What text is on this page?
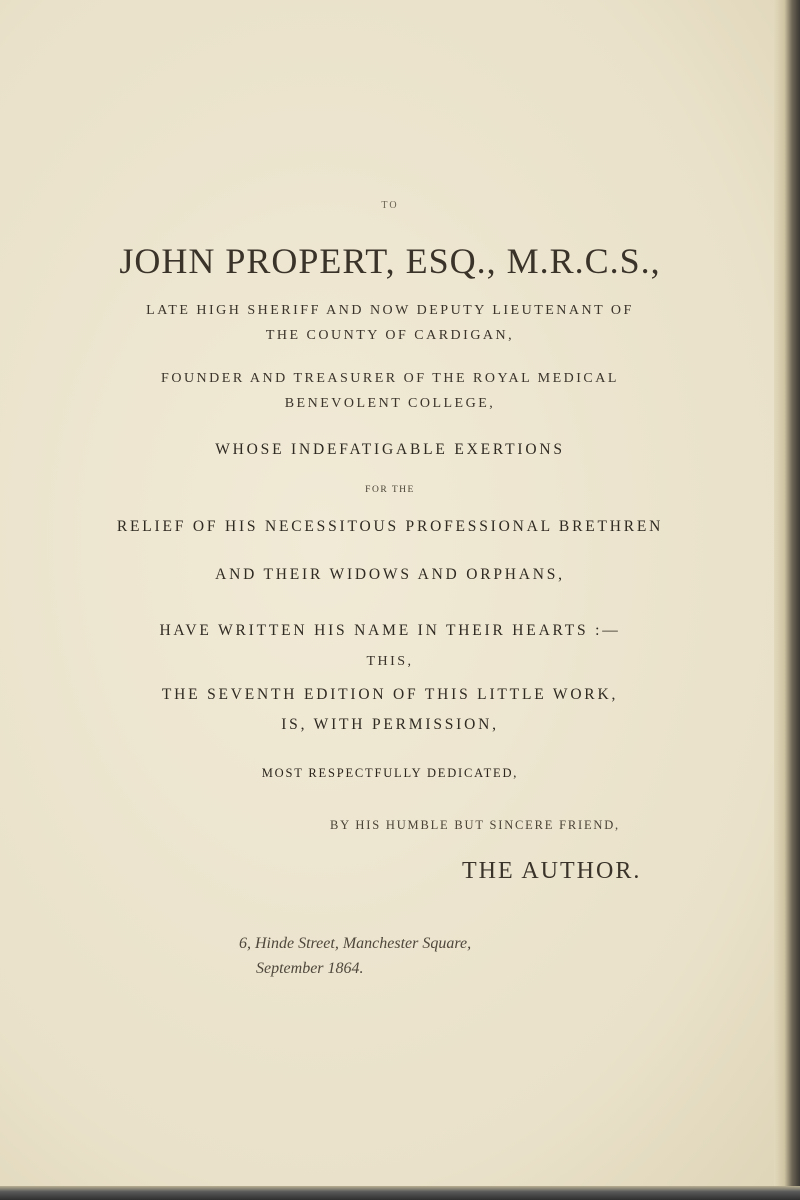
TO
JOHN PROPERT, ESQ., M.R.C.S.,
LATE HIGH SHERIFF AND NOW DEPUTY LIEUTENANT OF
THE COUNTY OF CARDIGAN,
FOUNDER AND TREASURER OF THE ROYAL MEDICAL
BENEVOLENT COLLEGE,
WHOSE INDEFATIGABLE EXERTIONS
FOR THE
RELIEF OF HIS NECESSITOUS PROFESSIONAL BRETHREN
AND THEIR WIDOWS AND ORPHANS,
HAVE WRITTEN HIS NAME IN THEIR HEARTS :—
THIS,
THE SEVENTH EDITION OF THIS LITTLE WORK,
IS, WITH PERMISSION,
MOST RESPECTFULLY DEDICATED,
BY HIS HUMBLE BUT SINCERE FRIEND,
THE AUTHOR.
6, Hinde Street, Manchester Square,
September 1864.
